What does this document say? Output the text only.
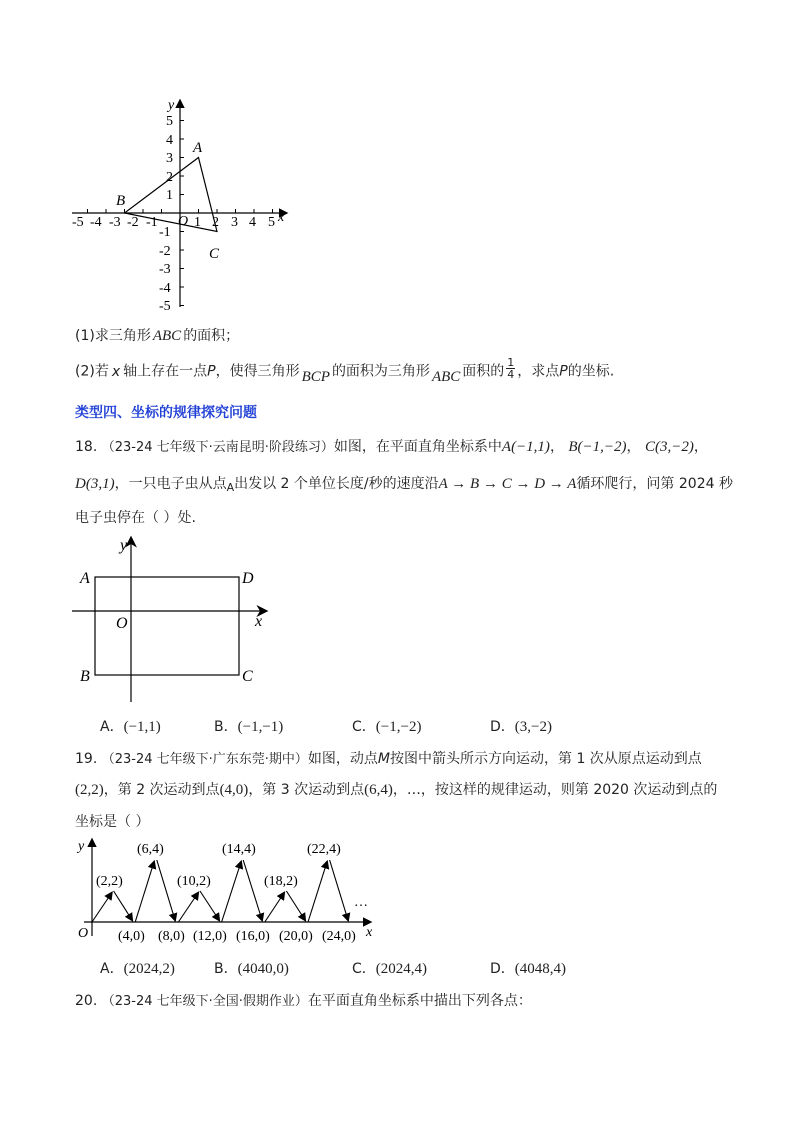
y
x
O
5
4
3
2
1
-1
-2
-3
-4
-5
-5 -4 -3 -2 -1	1 2 3 4 5
A
B
C
(1)求三角形 ABC 的面积；
(2)若 x 轴上存在一点P，使得三角形 BCP 的面积为三角形 ABC 面积的 $\frac{1}{4}$ ，求点P的坐标.
类型四、坐标的规律探究问题
18. （23-24 七年级下·云南昆明·阶段练习）如图，在平面直角坐标系中A(−1,1)， B(−1,−2)， C(3,−2)，
D(3,1)，一只电子虫从点$_A$出发以 2 个单位长度/秒的速度沿A → B → C → D → A循环爬行，问第 2024 秒
电子虫停在（ ）处.
y
x
O
A
B	C
D
A．(−1,1)	B．(−1,−1)	C．(−1,−2)	D．(3,−2)
19. （23-24 七年级下·广东东莞·期中）如图，动点M按图中箭头所示方向运动，第 1 次从原点运动到点
(2,2)，第 2 次运动到点(4,0)，第 3 次运动到点(6,4)，…，按这样的规律运动，则第 2020 次运动到点的
坐标是（ ）
y
x
O
…
(6,4)	(14,4)	(22,4)
(2,2)	(10,2)	(18,2)
(4,0) (8,0) (12,0) (16,0) (20,0) (24,0)
A．(2024,2)	B．(4040,0)	C．(2024,4)	D．(4048,4)
20. （23-24 七年级下·全国·假期作业）在平面直角坐标系中描出下列各点：
